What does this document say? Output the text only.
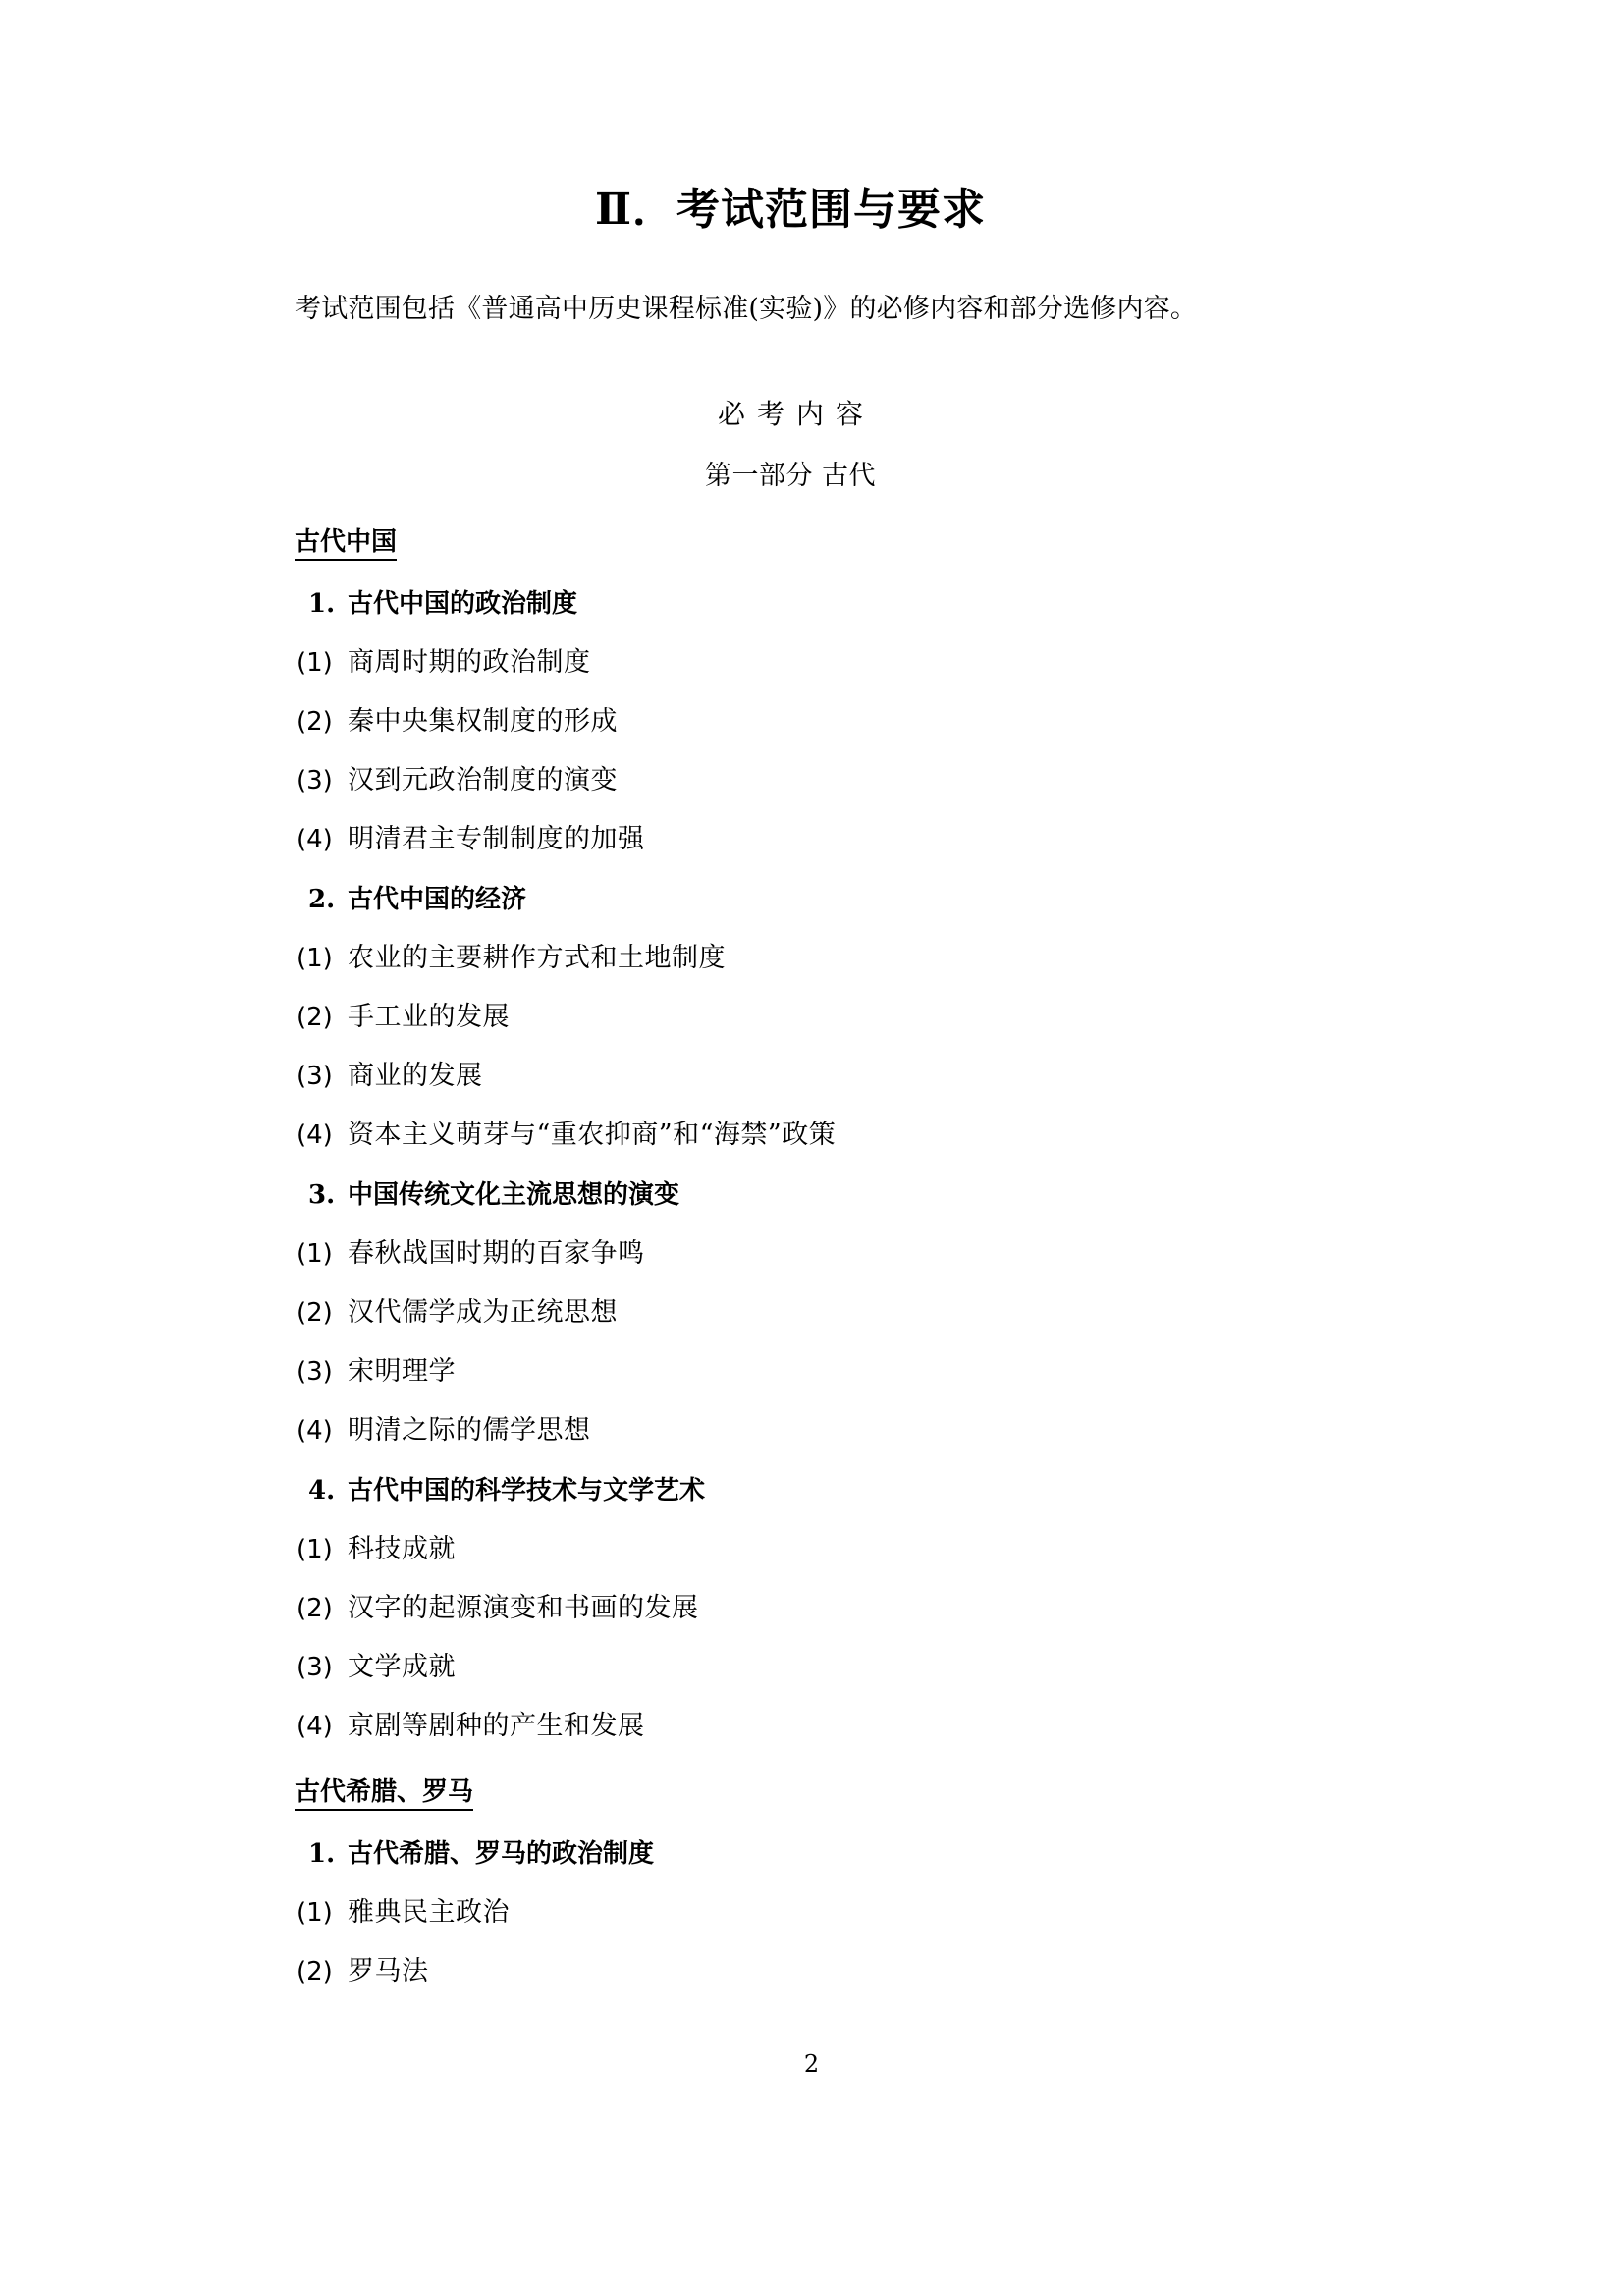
Ⅱ．考试范围与要求

考试范围包括《普通高中历史课程标准(实验)》的必修内容和部分选修内容。

必考内容
第一部分 古代
古代中国
1. 古代中国的政治制度
(1) 商周时期的政治制度
(2) 秦中央集权制度的形成
(3) 汉到元政治制度的演变
(4) 明清君主专制制度的加强
2. 古代中国的经济
(1) 农业的主要耕作方式和土地制度
(2) 手工业的发展
(3) 商业的发展
(4) 资本主义萌芽与“重农抑商”和“海禁”政策
3. 中国传统文化主流思想的演变
(1) 春秋战国时期的百家争鸣
(2) 汉代儒学成为正统思想
(3) 宋明理学
(4) 明清之际的儒学思想
4. 古代中国的科学技术与文学艺术
(1) 科技成就
(2) 汉字的起源演变和书画的发展
(3) 文学成就
(4) 京剧等剧种的产生和发展
古代希腊、罗马
1. 古代希腊、罗马的政治制度
(1) 雅典民主政治
(2) 罗马法
2
